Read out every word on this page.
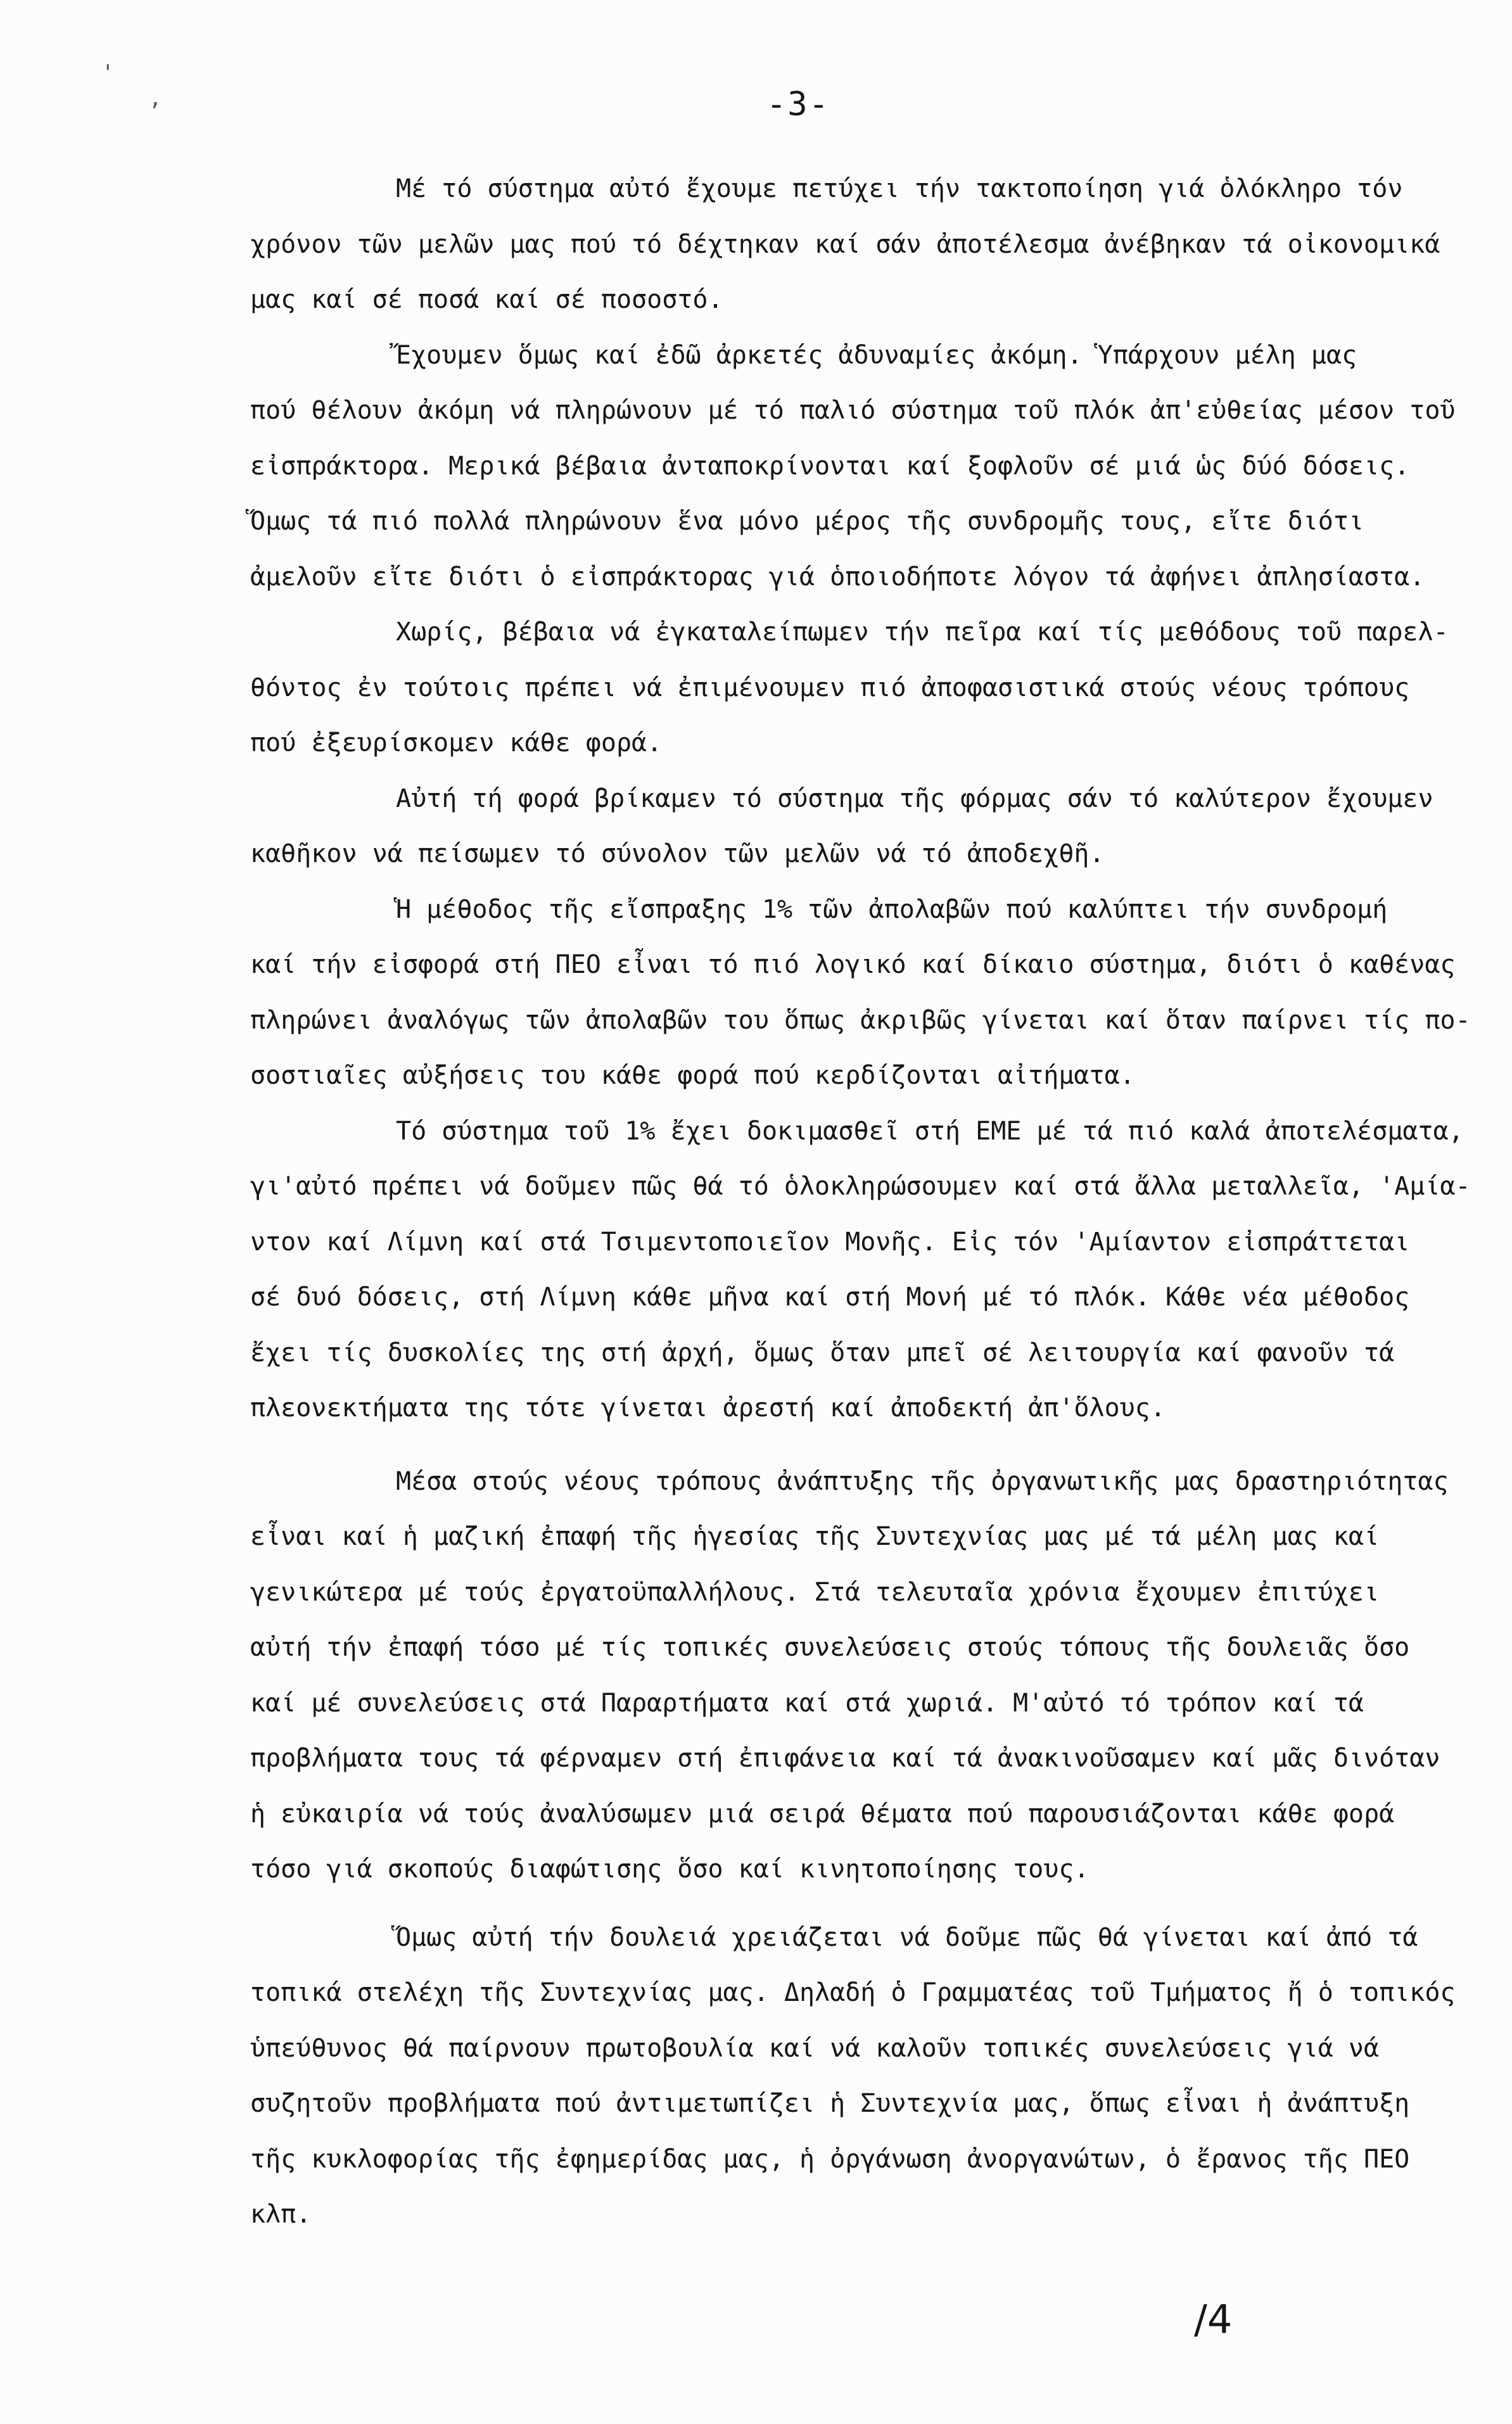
'
,	-3-
Μέ τό σύστημα αὐτό ἔχουμε πετύχει τήν τακτοποίηση γιά ὁλόκληρο τόν
χρόνον τῶν μελῶν μας πού τό δέχτηκαν καί σάν ἀποτέλεσμα ἀνέβηκαν τά οἰκονομικά
μας καί σέ ποσά καί σέ ποσοστό.
Ἔχουμεν ὅμως καί ἐδῶ ἀρκετές ἀδυναμίες ἀκόμη. Ὑπάρχουν μέλη μας
πού θέλουν ἀκόμη νά πληρώνουν μέ τό παλιό σύστημα τοῦ πλόκ ἀπ'εὐθείας μέσον τοῦ
εἰσπράκτορα. Μερικά βέβαια ἀνταποκρίνονται καί ξοφλοῦν σέ μιά ὡς δύό δόσεις.
Ὅμως τά πιό πολλά πληρώνουν ἕνα μόνο μέρος τῆς συνδρομῆς τους, εἴτε διότι
ἀμελοῦν εἴτε διότι ὁ εἰσπράκτορας γιά ὁποιοδήποτε λόγον τά ἀφήνει ἀπλησίαστα.
Χωρίς, βέβαια νά ἐγκαταλείπωμεν τήν πεῖρα καί τίς μεθόδους τοῦ παρελ-
θόντος ἐν τούτοις πρέπει νά ἐπιμένουμεν πιό ἀποφασιστικά στούς νέους τρόπους
πού ἐξευρίσκομεν κάθε φορά.
Αὐτή τή φορά βρίκαμεν τό σύστημα τῆς φόρμας σάν τό καλύτερον ἔχουμεν
καθῆκον νά πείσωμεν τό σύνολον τῶν μελῶν νά τό ἀποδεχθῆ.
Ἡ μέθοδος τῆς εἴσπραξης 1% τῶν ἀπολαβῶν πού καλύπτει τήν συνδρομή
καί τήν εἰσφορά στή ΠΕΟ εἶναι τό πιό λογικό καί δίκαιο σύστημα, διότι ὁ καθένας
πληρώνει ἀναλόγως τῶν ἀπολαβῶν του ὅπως ἀκριβῶς γίνεται καί ὅταν παίρνει τίς πο-
σοστιαῖες αὐξήσεις του κάθε φορά πού κερδίζονται αἰτήματα.
Τό σύστημα τοῦ 1% ἔχει δοκιμασθεῖ στή ΕΜΕ μέ τά πιό καλά ἀποτελέσματα,
γι'αὐτό πρέπει νά δοῦμεν πῶς θά τό ὁλοκληρώσουμεν καί στά ἄλλα μεταλλεῖα, 'Αμία-
ντον καί Λίμνη καί στά Τσιμεντοποιεῖον Μονῆς. Εἰς τόν 'Αμίαντον εἰσπράττεται
σέ δυό δόσεις, στή Λίμνη κάθε μῆνα καί στή Μονή μέ τό πλόκ. Κάθε νέα μέθοδος
ἔχει τίς δυσκολίες της στή ἀρχή, ὅμως ὅταν μπεῖ σέ λειτουργία καί φανοῦν τά
πλεονεκτήματα της τότε γίνεται ἀρεστή καί ἀποδεκτή ἀπ'ὅλους.
Μέσα στούς νέους τρόπους ἀνάπτυξης τῆς ὀργανωτικῆς μας δραστηριότητας
εἶναι καί ἡ μαζική ἐπαφή τῆς ἡγεσίας τῆς Συντεχνίας μας μέ τά μέλη μας καί
γενικώτερα μέ τούς ἐργατοϋπαλλήλους. Στά τελευταῖα χρόνια ἔχουμεν ἐπιτύχει
αὐτή τήν ἐπαφή τόσο μέ τίς τοπικές συνελεύσεις στούς τόπους τῆς δουλειᾶς ὅσο
καί μέ συνελεύσεις στά Παραρτήματα καί στά χωριά. Μ'αὐτό τό τρόπον καί τά
προβλήματα τους τά φέρναμεν στή ἐπιφάνεια καί τά ἀνακινοῦσαμεν καί μᾶς δινόταν
ἡ εὐκαιρία νά τούς ἀναλύσωμεν μιά σειρά θέματα πού παρουσιάζονται κάθε φορά
τόσο γιά σκοπούς διαφώτισης ὅσο καί κινητοποίησης τους.
Ὅμως αὐτή τήν δουλειά χρειάζεται νά δοῦμε πῶς θά γίνεται καί ἀπό τά
τοπικά στελέχη τῆς Συντεχνίας μας. Δηλαδή ὁ Γραμματέας τοῦ Τμήματος ἤ ὁ τοπικός
ὑπεύθυνος θά παίρνουν πρωτοβουλία καί νά καλοῦν τοπικές συνελεύσεις γιά νά
συζητοῦν προβλήματα πού ἀντιμετωπίζει ἡ Συντεχνία μας, ὅπως εἶναι ἡ ἀνάπτυξη
τῆς κυκλοφορίας τῆς ἐφημερίδας μας, ἡ ὀργάνωση ἀνοργανώτων, ὁ ἔρανος τῆς ΠΕΟ
κλπ.
/4
